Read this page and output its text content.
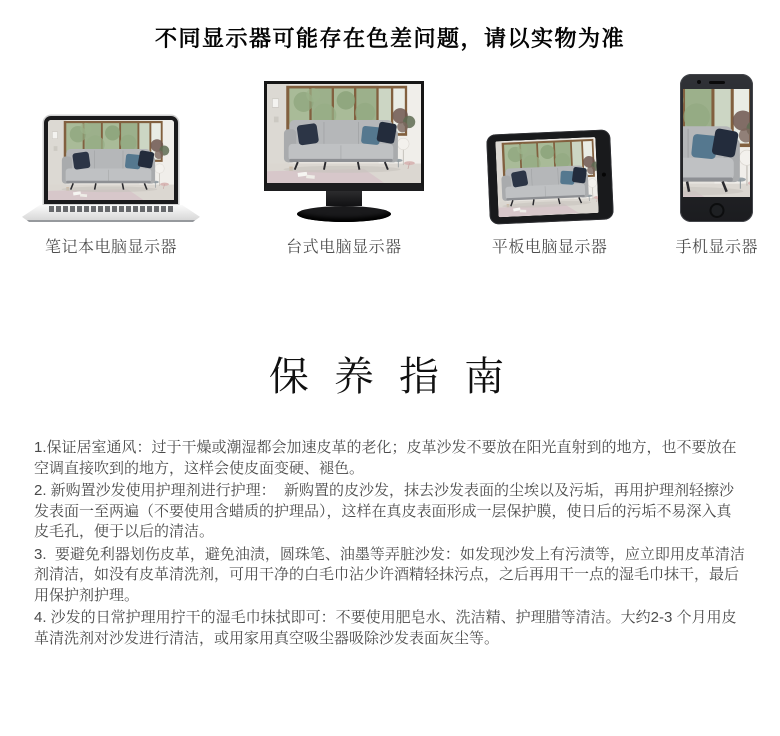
不同显示器可能存在色差问题，请以实物为准
笔记本电脑显示器	台式电脑显示器	平板电脑显示器	手机显示器
保 养 指 南

1.保证居室通风：过于干燥或潮湿都会加速皮革的老化；皮革沙发不要放在阳光直射到的地方，也不要放在空调直接吹到的地方，这样会使皮面变硬、褪色。

2. 新购置沙发使用护理剂进行护理：  新购置的皮沙发，抹去沙发表面的尘埃以及污垢，再用护理剂轻擦沙发表面一至两遍（不要使用含蜡质的护理品），这样在真皮表面形成一层保护膜，使日后的污垢不易深入真皮毛孔，便于以后的清洁。

3.  要避免利器划伤皮革，避免油渍，圆珠笔、油墨等弄脏沙发：如发现沙发上有污渍等，应立即用皮革清洁剂清洁，如没有皮革清洗剂，可用干净的白毛巾沾少许酒精轻抹污点，之后再用干一点的湿毛巾抹干，最后用保护剂护理。

4. 沙发的日常护理用拧干的湿毛巾抹拭即可：不要使用肥皂水、洗洁精、护理腊等清洁。大约2-3 个月用皮革清洗剂对沙发进行清洁，或用家用真空吸尘器吸除沙发表面灰尘等。
